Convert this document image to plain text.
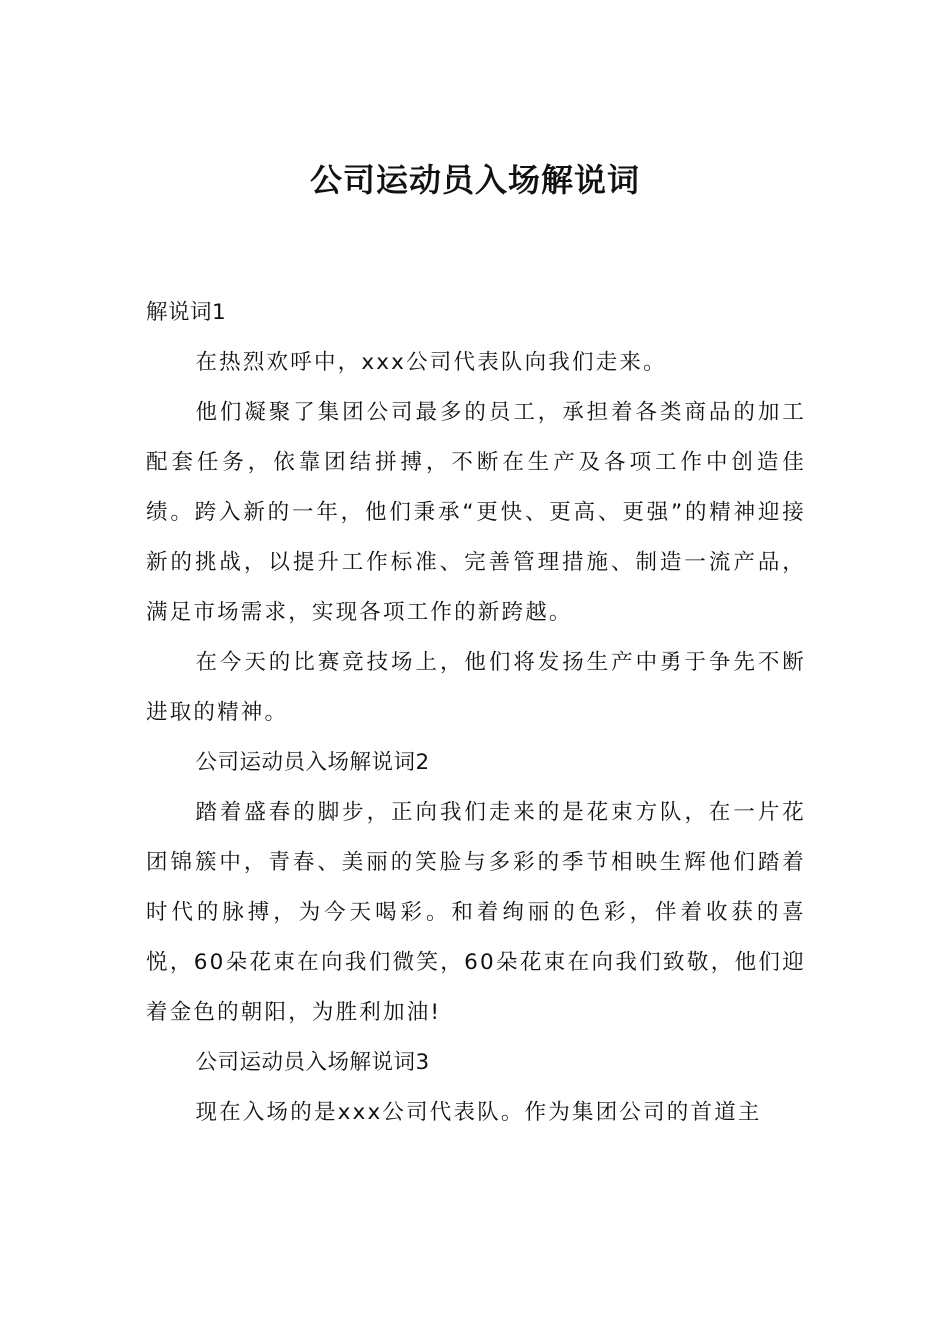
公司运动员入场解说词

解说词1

在热烈欢呼中，xxx公司代表队向我们走来。

他们凝聚了集团公司最多的员工，承担着各类商品的加工配套任务，依靠团结拼搏，不断在生产及各项工作中创造佳绩。跨入新的一年，他们秉承“更快、更高、更强”的精神迎接新的挑战，以提升工作标准、完善管理措施、制造一流产品，满足市场需求，实现各项工作的新跨越。

在今天的比赛竞技场上，他们将发扬生产中勇于争先不断进取的精神。

公司运动员入场解说词2

踏着盛春的脚步，正向我们走来的是花束方队，在一片花团锦簇中，青春、美丽的笑脸与多彩的季节相映生辉他们踏着时代的脉搏，为今天喝彩。和着绚丽的色彩，伴着收获的喜悦，60朵花束在向我们微笑，60朵花束在向我们致敬，他们迎着金色的朝阳，为胜利加油!

公司运动员入场解说词3

现在入场的是xxx公司代表队。作为集团公司的首道主
